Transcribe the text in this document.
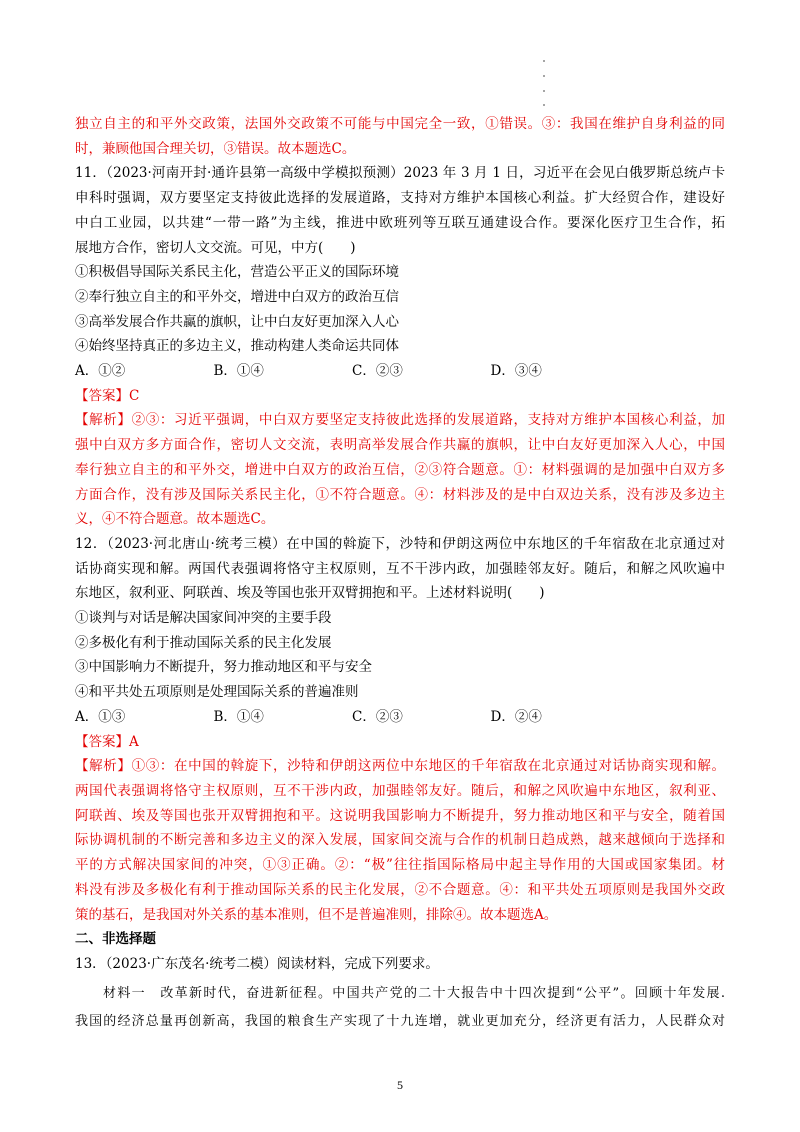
独立自主的和平外交政策，法国外交政策不可能与中国完全一致，①错误。③：我国在维护自身利益的同
时，兼顾他国合理关切，③错误。故本题选C。
11．（2023·河南开封·通许县第一高级中学模拟预测）2023 年 3 月 1 日，习近平在会见白俄罗斯总统卢卡
申科时强调，双方要坚定支持彼此选择的发展道路，支持对方维护本国核心利益。扩大经贸合作，建设好
中白工业园，以共建“一带一路”为主线，推进中欧班列等互联互通建设合作。要深化医疗卫生合作，拓
展地方合作，密切人文交流。可见，中方(　　)
①积极倡导国际关系民主化，营造公平正义的国际环境
②奉行独立自主的和平外交，增进中白双方的政治互信
③高举发展合作共赢的旗帜，让中白友好更加深入人心
④始终坚持真正的多边主义，推动构建人类命运共同体
A．①②	B．①④	C．②③	D．③④
【答案】C
【解析】②③：习近平强调，中白双方要坚定支持彼此选择的发展道路，支持对方维护本国核心利益，加
强中白双方多方面合作，密切人文交流，表明高举发展合作共赢的旗帜，让中白友好更加深入人心，中国
奉行独立自主的和平外交，增进中白双方的政治互信，②③符合题意。①：材料强调的是加强中白双方多
方面合作，没有涉及国际关系民主化，①不符合题意。④：材料涉及的是中白双边关系，没有涉及多边主
义，④不符合题意。故本题选C。
12．（2023·河北唐山·统考三模）在中国的斡旋下，沙特和伊朗这两位中东地区的千年宿敌在北京通过对
话协商实现和解。两国代表强调将恪守主权原则，互不干涉内政，加强睦邻友好。随后，和解之风吹遍中
东地区，叙利亚、阿联酋、埃及等国也张开双臂拥抱和平。上述材料说明(　　)
①谈判与对话是解决国家间冲突的主要手段
②多极化有利于推动国际关系的民主化发展
③中国影响力不断提升，努力推动地区和平与安全
④和平共处五项原则是处理国际关系的普遍准则
A．①③	B．①④	C．②③	D．②④
【答案】A
【解析】①③：在中国的斡旋下，沙特和伊朗这两位中东地区的千年宿敌在北京通过对话协商实现和解。
两国代表强调将恪守主权原则，互不干涉内政，加强睦邻友好。随后，和解之风吹遍中东地区，叙利亚、
阿联酋、埃及等国也张开双臂拥抱和平。这说明我国影响力不断提升，努力推动地区和平与安全，随着国
际协调机制的不断完善和多边主义的深入发展，国家间交流与合作的机制日趋成熟，越来越倾向于选择和
平的方式解决国家间的冲突，①③正确。②：“极”往往指国际格局中起主导作用的大国或国家集团。材
料没有涉及多极化有利于推动国际关系的民主化发展，②不合题意。④：和平共处五项原则是我国外交政
策的基石，是我国对外关系的基本准则，但不是普遍准则，排除④。故本题选A。
二、非选择题
13．（2023·广东茂名·统考二模）阅读材料，完成下列要求。
材料一　改革新时代，奋进新征程。中国共产党的二十大报告中十四次提到“公平”。回顾十年发展.
我国的经济总量再创新高，我国的粮食生产实现了十九连增，就业更加充分，经济更有活力，人民群众对
5
